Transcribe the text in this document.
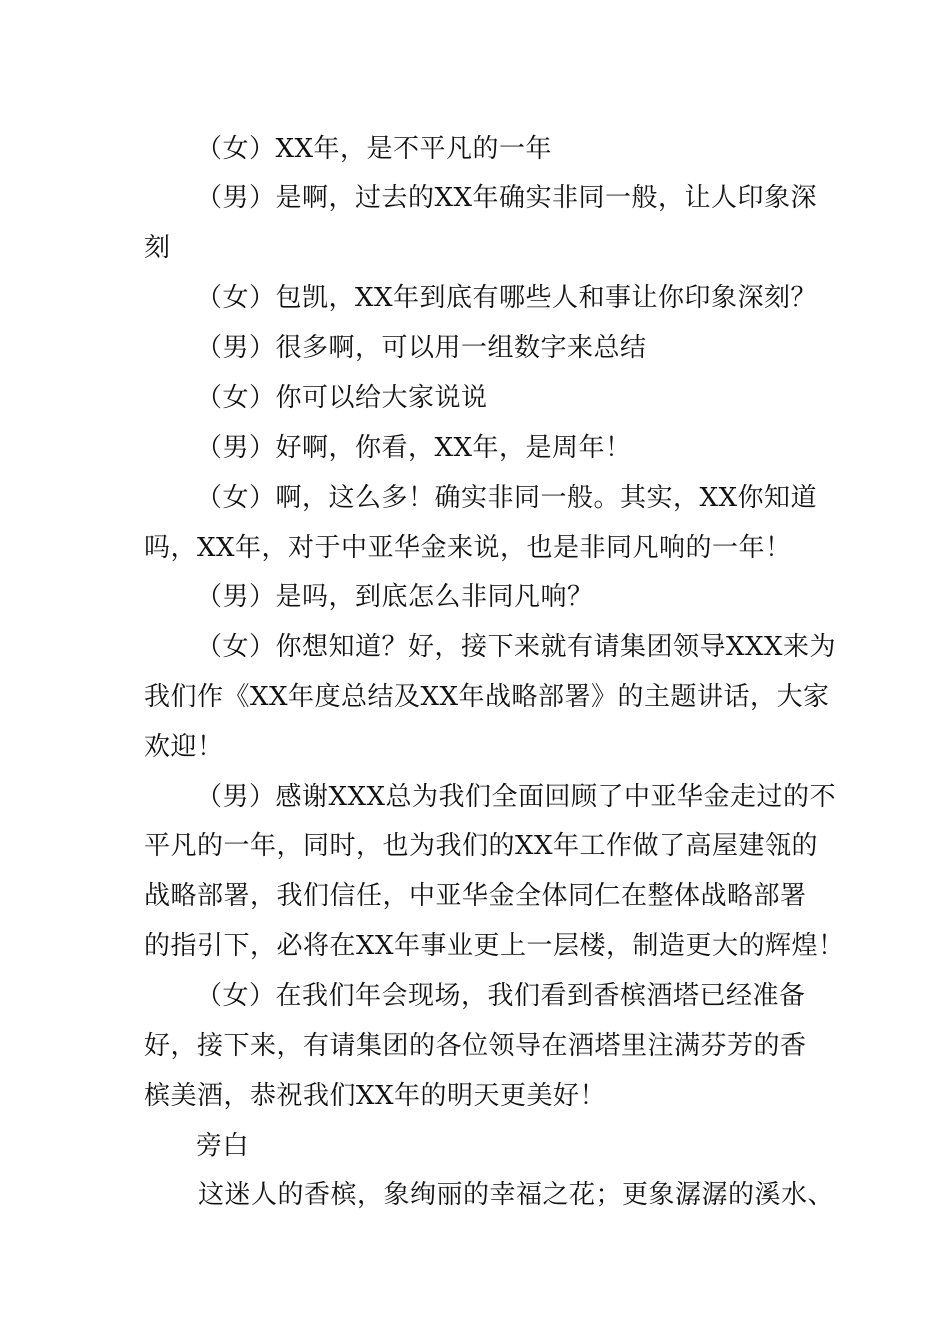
（女）XX年，是不平凡的一年
（男）是啊，过去的XX年确实非同一般，让人印象深
刻
（女）包凯，XX年到底有哪些人和事让你印象深刻？
（男）很多啊，可以用一组数字来总结
（女）你可以给大家说说
（男）好啊，你看，XX年，是周年！
（女）啊，这么多！确实非同一般。其实，XX你知道
吗，XX年，对于中亚华金来说，也是非同凡响的一年！
（男）是吗，到底怎么非同凡响？
（女）你想知道？好，接下来就有请集团领导XXX来为
我们作《XX年度总结及XX年战略部署》的主题讲话，大家
欢迎！
（男）感谢XXX总为我们全面回顾了中亚华金走过的不
平凡的一年，同时，也为我们的XX年工作做了高屋建瓴的
战略部署，我们信任，中亚华金全体同仁在整体战略部署
的指引下，必将在XX年事业更上一层楼，制造更大的辉煌！
（女）在我们年会现场，我们看到香槟酒塔已经准备
好，接下来，有请集团的各位领导在酒塔里注满芬芳的香
槟美酒，恭祝我们XX年的明天更美好！
旁白
这迷人的香槟，象绚丽的幸福之花；更象潺潺的溪水、
